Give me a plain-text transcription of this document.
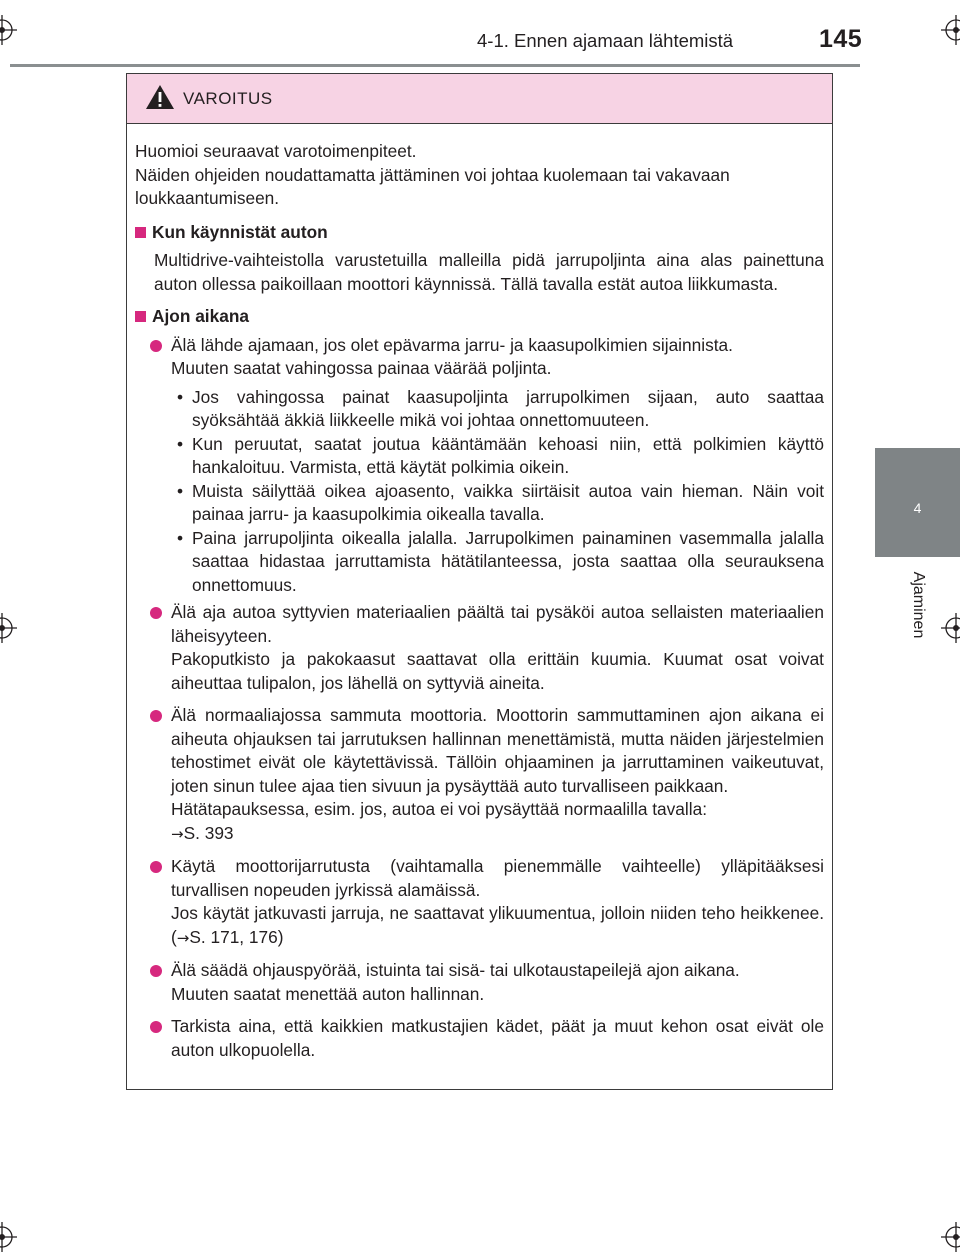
4-1. Ennen ajamaan lähtemistä	145
4
Ajaminen
VAROITUS

Huomioi seuraavat varotoimenpiteet.

Näiden ohjeiden noudattamatta jättäminen voi johtaa kuolemaan tai vakavaan loukkaantumiseen.

Kun käynnistät auton

Multidrive-vaihteistolla varustetuilla malleilla pidä jarrupoljinta aina alas painettuna auton ollessa paikoillaan moottori käynnissä. Tällä tavalla estät autoa liikkumasta.

Ajon aikana

Älä lähde ajamaan, jos olet epävarma jarru- ja kaasupolkimien sijainnista.

Muuten saatat vahingossa painaa väärää poljinta.

• Jos vahingossa painat kaasupoljinta jarrupolkimen sijaan, auto saattaa syöksähtää äkkiä liikkeelle mikä voi johtaa onnettomuuteen.

• Kun peruutat, saatat joutua kääntämään kehoasi niin, että polkimien käyttö hankaloituu. Varmista, että käytät polkimia oikein.

• Muista säilyttää oikea ajoasento, vaikka siirtäisit autoa vain hieman. Näin voit painaa jarru- ja kaasupolkimia oikealla tavalla.

• Paina jarrupoljinta oikealla jalalla. Jarrupolkimen painaminen vasemmalla jalalla saattaa hidastaa jarruttamista hätätilanteessa, josta saattaa olla seurauksena onnettomuus.

Älä aja autoa syttyvien materiaalien päältä tai pysäköi autoa sellaisten materiaalien läheisyyteen.

Pakoputkisto ja pakokaasut saattavat olla erittäin kuumia. Kuumat osat voivat aiheuttaa tulipalon, jos lähellä on syttyviä aineita.

Älä normaaliajossa sammuta moottoria. Moottorin sammuttaminen ajon aikana ei aiheuta ohjauksen tai jarrutuksen hallinnan menettämistä, mutta näiden järjestelmien tehostimet eivät ole käytettävissä. Tällöin ohjaaminen ja jarruttaminen vaikeutuvat, joten sinun tulee ajaa tien sivuun ja pysäyttää auto turvalliseen paikkaan.

Hätätapauksessa, esim. jos, autoa ei voi pysäyttää normaalilla tavalla:

→S. 393

Käytä moottorijarrutusta (vaihtamalla pienemmälle vaihteelle) ylläpitääksesi turvallisen nopeuden jyrkissä alamäissä.

Jos käytät jatkuvasti jarruja, ne saattavat ylikuumentua, jolloin niiden teho heikkenee. (→S. 171, 176)

Älä säädä ohjauspyörää, istuinta tai sisä- tai ulkotaustapeilejä ajon aikana.

Muuten saatat menettää auton hallinnan.

Tarkista aina, että kaikkien matkustajien kädet, päät ja muut kehon osat eivät ole auton ulkopuolella.
